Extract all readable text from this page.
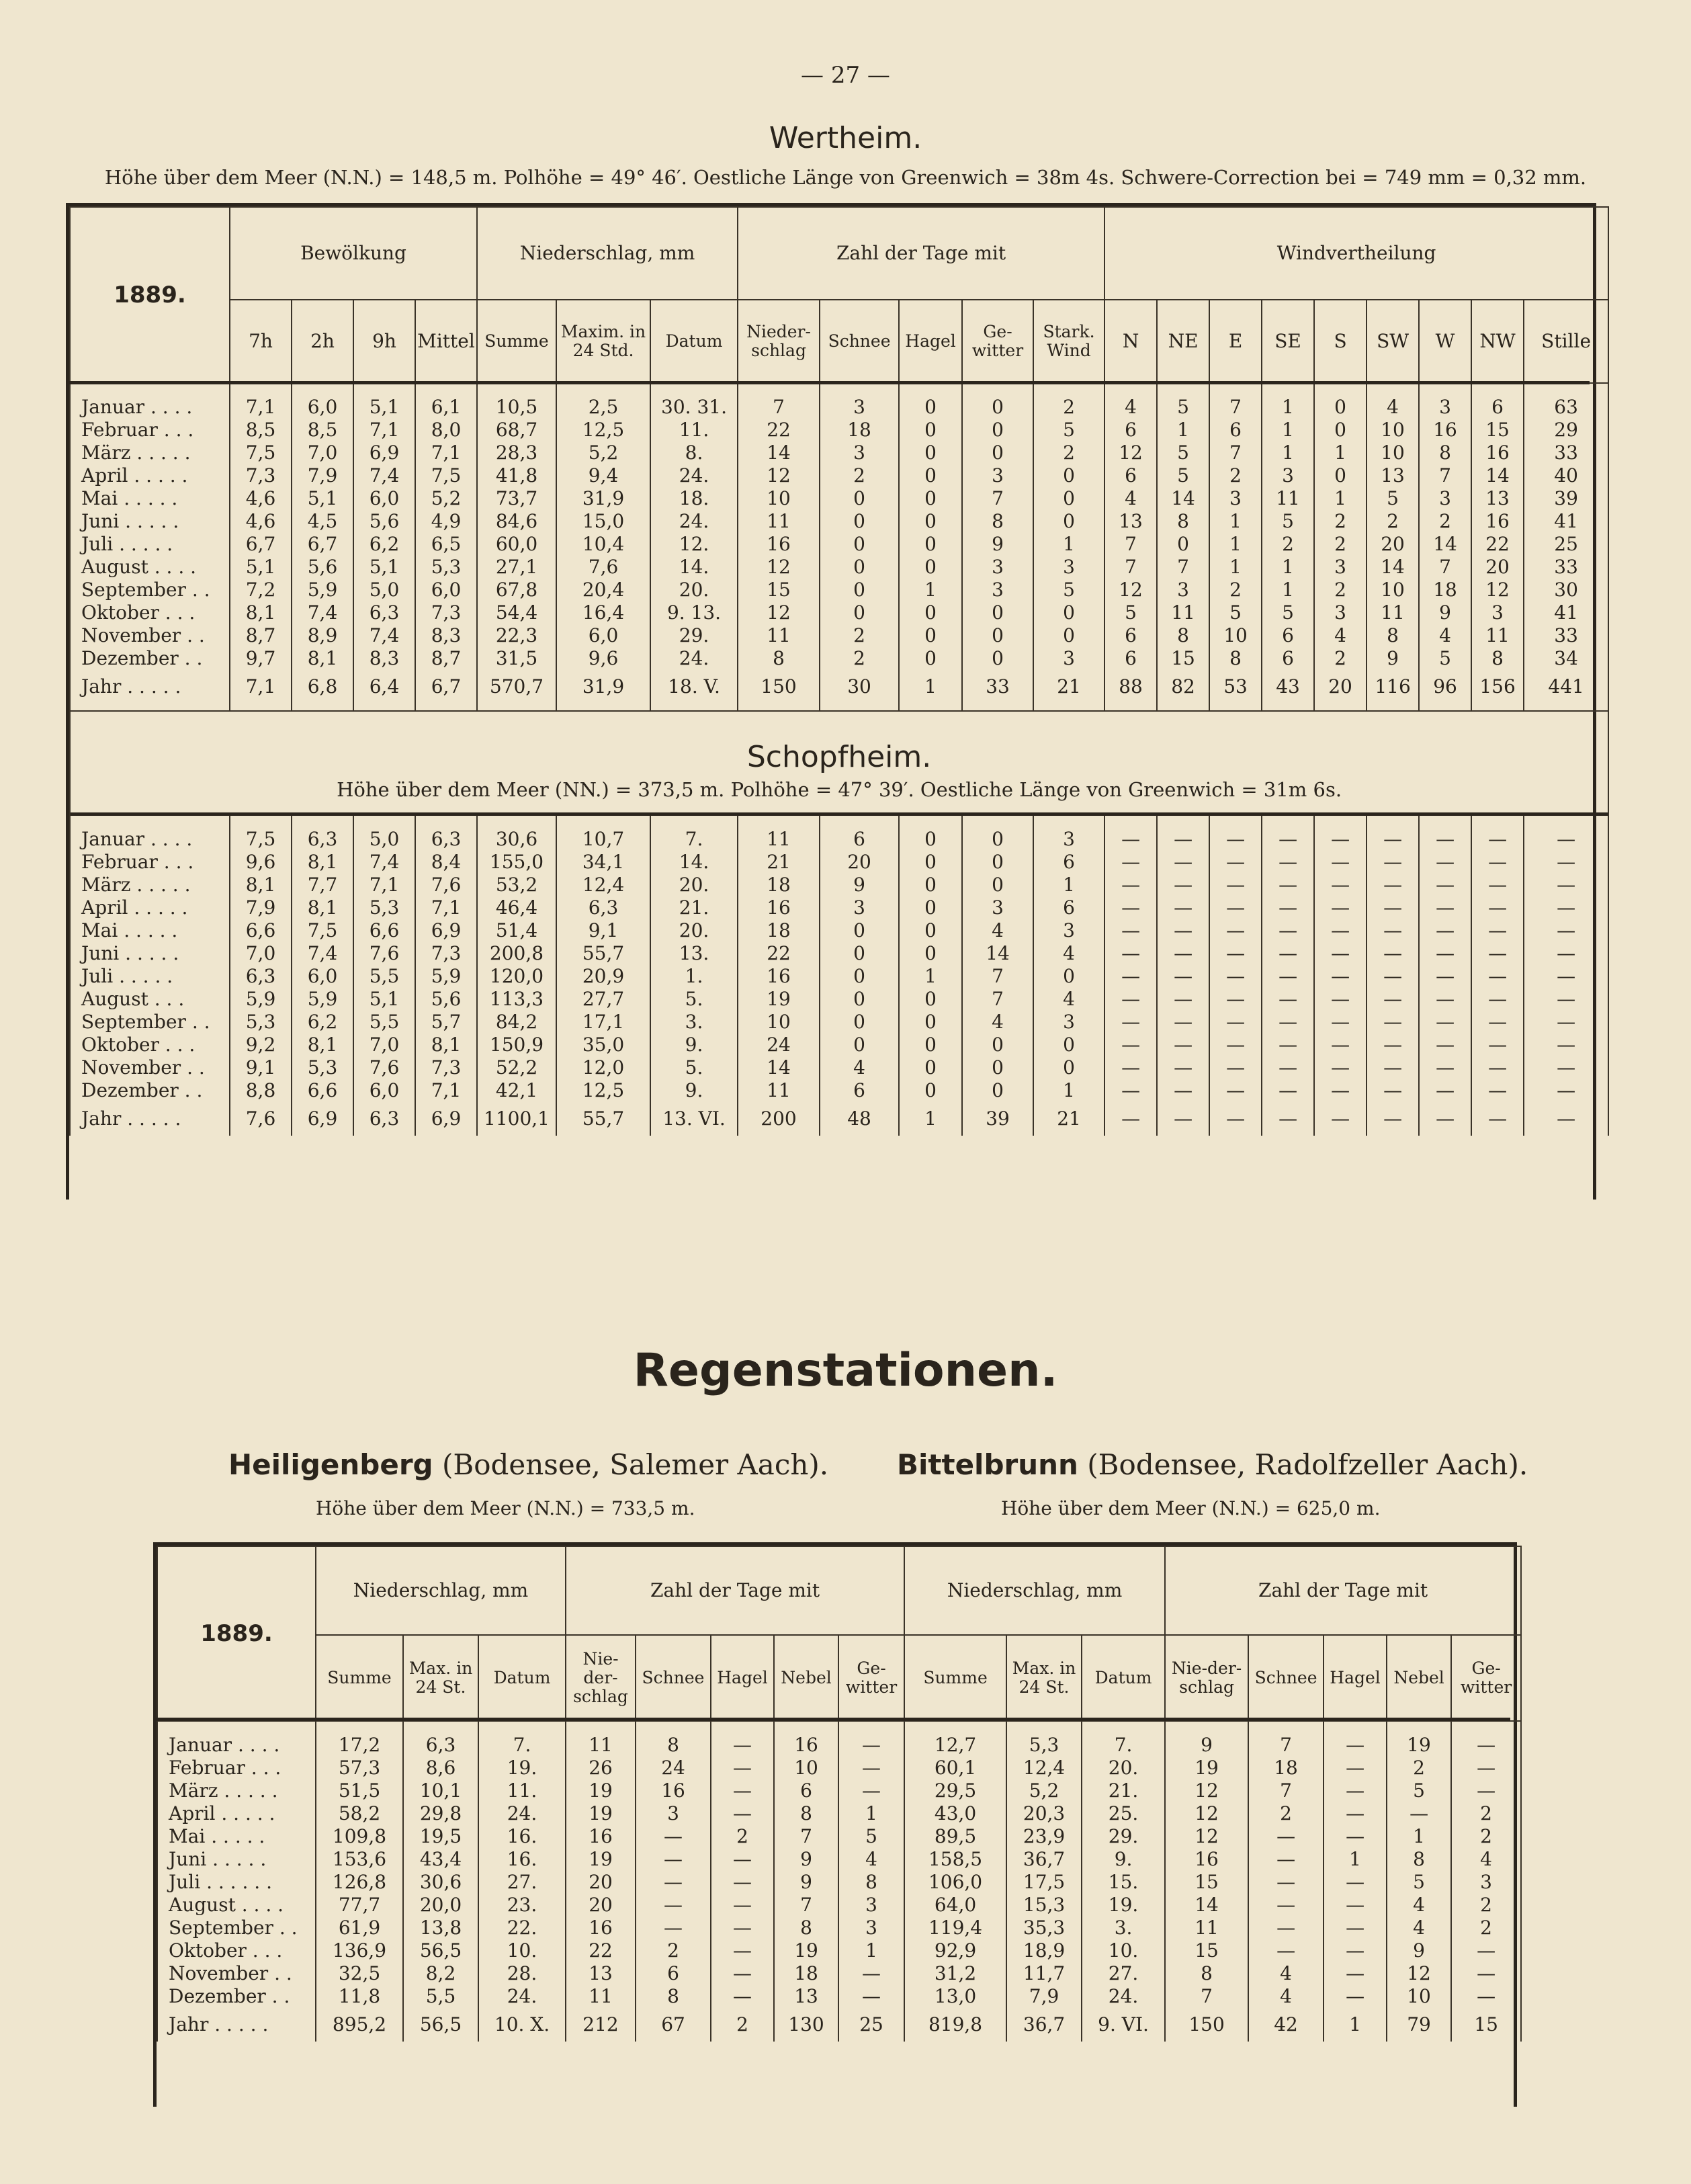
— 27 —
Wertheim.
Höhe über dem Meer (N.N.) = 148,5 m. Polhöhe = 49° 46′. Oestliche Länge von Greenwich = 38m 4s. Schwere-Correction bei = 749 mm = 0,32 mm.
1889.	Bewölkung				Niederschlag, mm			Zahl der Tage mit					Windvertheilung								
	7h	2h	9h	Mittel	Summe	Maxim. in 24 Std.	Datum	Nieder-schlag	Schnee	Hagel	Ge-witter	Stark. Wind	N	NE	E	SE	S	SW	W	NW	Stille

Januar . . . .	7,1	6,0	5,1	6,1	10,5	2,5	30. 31.	7	3	0	0	2	4	5	7	1	0	4	3	6	63
Februar . . .	8,5	8,5	7,1	8,0	68,7	12,5	11.	22	18	0	0	5	6	1	6	1	0	10	16	15	29
März . . . . .	7,5	7,0	6,9	7,1	28,3	5,2	8.	14	3	0	0	2	12	5	7	1	1	10	8	16	33
April . . . . .	7,3	7,9	7,4	7,5	41,8	9,4	24.	12	2	0	3	0	6	5	2	3	0	13	7	14	40
Mai . . . . .	4,6	5,1	6,0	5,2	73,7	31,9	18.	10	0	0	7	0	4	14	3	11	1	5	3	13	39
Juni . . . . .	4,6	4,5	5,6	4,9	84,6	15,0	24.	11	0	0	8	0	13	8	1	5	2	2	2	16	41
Juli . . . . .	6,7	6,7	6,2	6,5	60,0	10,4	12.	16	0	0	9	1	7	0	1	2	2	20	14	22	25
August . . . .	5,1	5,6	5,1	5,3	27,1	7,6	14.	12	0	0	3	3	7	7	1	1	3	14	7	20	33
September . .	7,2	5,9	5,0	6,0	67,8	20,4	20.	15	0	1	3	5	12	3	2	1	2	10	18	12	30
Oktober . . .	8,1	7,4	6,3	7,3	54,4	16,4	9. 13.	12	0	0	0	0	5	11	5	5	3	11	9	3	41
November . .	8,7	8,9	7,4	8,3	22,3	6,0	29.	11	2	0	0	0	6	8	10	6	4	8	4	11	33
Dezember . .	9,7	8,1	8,3	8,7	31,5	9,6	24.	8	2	0	0	3	6	15	8	6	2	9	5	8	34
Jahr . . . . .	7,1	6,8	6,4	6,7	570,7	31,9	18. V.	150	30	1	33	21	88	82	53	43	20	116	96	156	441

Schopfheim.
Höhe über dem Meer (NN.) = 373,5 m. Polhöhe = 47° 39′. Oestliche Länge von Greenwich = 31m 6s.																					

Januar . . . .	7,5	6,3	5,0	6,3	30,6	10,7	7.	11	6	0	0	3	—	—	—	—	—	—	—	—	—
Februar . . .	9,6	8,1	7,4	8,4	155,0	34,1	14.	21	20	0	0	6	—	—	—	—	—	—	—	—	—
März . . . . .	8,1	7,7	7,1	7,6	53,2	12,4	20.	18	9	0	0	1	—	—	—	—	—	—	—	—	—
April . . . . .	7,9	8,1	5,3	7,1	46,4	6,3	21.	16	3	0	3	6	—	—	—	—	—	—	—	—	—
Mai . . . . .	6,6	7,5	6,6	6,9	51,4	9,1	20.	18	0	0	4	3	—	—	—	—	—	—	—	—	—
Juni . . . . .	7,0	7,4	7,6	7,3	200,8	55,7	13.	22	0	0	14	4	—	—	—	—	—	—	—	—	—
Juli . . . . .	6,3	6,0	5,5	5,9	120,0	20,9	1.	16	0	1	7	0	—	—	—	—	—	—	—	—	—
August . . .	5,9	5,9	5,1	5,6	113,3	27,7	5.	19	0	0	7	4	—	—	—	—	—	—	—	—	—
September . .	5,3	6,2	5,5	5,7	84,2	17,1	3.	10	0	0	4	3	—	—	—	—	—	—	—	—	—
Oktober . . .	9,2	8,1	7,0	8,1	150,9	35,0	9.	24	0	0	0	0	—	—	—	—	—	—	—	—	—
November . .	9,1	5,3	7,6	7,3	52,2	12,0	5.	14	4	0	0	0	—	—	—	—	—	—	—	—	—
Dezember . .	8,8	6,6	6,0	7,1	42,1	12,5	9.	11	6	0	0	1	—	—	—	—	—	—	—	—	—
Jahr . . . . .	7,6	6,9	6,3	6,9	1100,1	55,7	13. VI.	200	48	1	39	21	—	—	—	—	—	—	—	—	—
Regenstationen.
Heiligenberg (Bodensee, Salemer Aach).
Höhe über dem Meer (N.N.) = 733,5 m.
Bittelbrunn (Bodensee, Radolfzeller Aach).
Höhe über dem Meer (N.N.) = 625,0 m.
1889.	Niederschlag, mm			Zahl der Tage mit					Niederschlag, mm			Zahl der Tage mit				
	Summe	Max. in 24 St.	Datum	Nie-der-schlag	Schnee	Hagel	Nebel	Ge-witter	Summe	Max. in 24 St.	Datum	Nie-der-schlag	Schnee	Hagel	Nebel	Ge-witter

Januar . . . .	17,2	6,3	7.	11	8	—	16	—	12,7	5,3	7.	9	7	—	19	—
Februar . . .	57,3	8,6	19.	26	24	—	10	—	60,1	12,4	20.	19	18	—	2	—
März . . . . .	51,5	10,1	11.	19	16	—	6	—	29,5	5,2	21.	12	7	—	5	—
April . . . . .	58,2	29,8	24.	19	3	—	8	1	43,0	20,3	25.	12	2	—	—	2
Mai . . . . .	109,8	19,5	16.	16	—	2	7	5	89,5	23,9	29.	12	—	—	1	2
Juni . . . . .	153,6	43,4	16.	19	—	—	9	4	158,5	36,7	9.	16	—	1	8	4
Juli . . . . . .	126,8	30,6	27.	20	—	—	9	8	106,0	17,5	15.	15	—	—	5	3
August . . . .	77,7	20,0	23.	20	—	—	7	3	64,0	15,3	19.	14	—	—	4	2
September . .	61,9	13,8	22.	16	—	—	8	3	119,4	35,3	3.	11	—	—	4	2
Oktober . . .	136,9	56,5	10.	22	2	—	19	1	92,9	18,9	10.	15	—	—	9	—
November . .	32,5	8,2	28.	13	6	—	18	—	31,2	11,7	27.	8	4	—	12	—
Dezember . .	11,8	5,5	24.	11	8	—	13	—	13,0	7,9	24.	7	4	—	10	—
Jahr . . . . .	895,2	56,5	10. X.	212	67	2	130	25	819,8	36,7	9. VI.	150	42	1	79	15
